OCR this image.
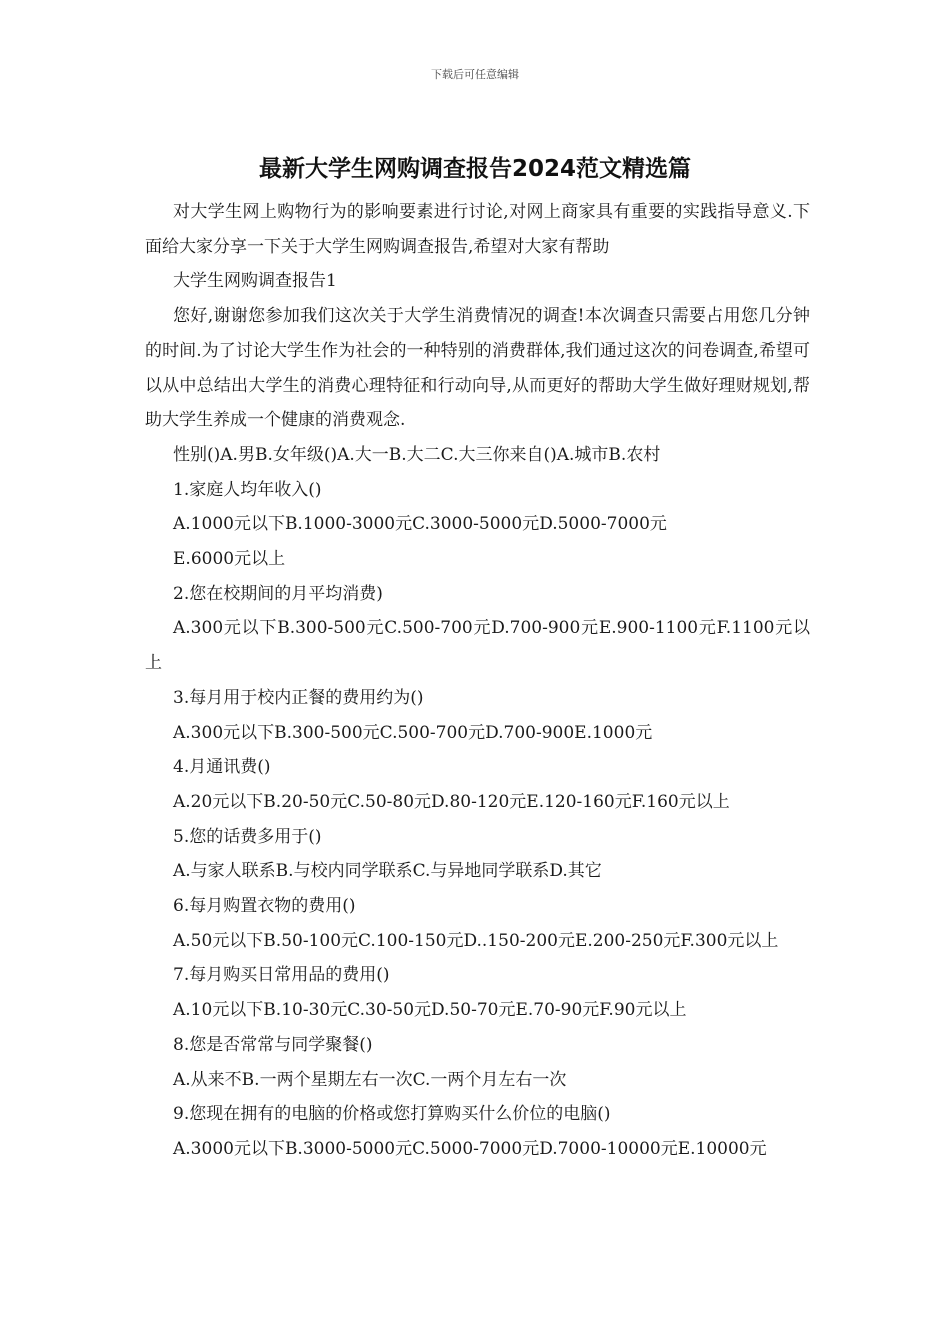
下载后可任意编辑
最新大学生网购调查报告2024范文精选篇

对大学生网上购物行为的影响要素进行讨论,对网上商家具有重要的实践指导意义.下面给大家分享一下关于大学生网购调查报告,希望对大家有帮助

大学生网购调查报告1

您好,谢谢您参加我们这次关于大学生消费情况的调查!本次调查只需要占用您几分钟的时间.为了讨论大学生作为社会的一种特别的消费群体,我们通过这次的问卷调查,希望可以从中总结出大学生的消费心理特征和行动向导,从而更好的帮助大学生做好理财规划,帮助大学生养成一个健康的消费观念.

性别()A.男B.女年级()A.大一B.大二C.大三你来自()A.城市B.农村

1.家庭人均年收入()

A.1000元以下B.1000-3000元C.3000-5000元D.5000-7000元

E.6000元以上

2.您在校期间的月平均消费)

A.300元以下B.300-500元C.500-700元D.700-900元E.900-1100元F.1100元以上

3.每月用于校内正餐的费用约为()

A.300元以下B.300-500元C.500-700元D.700-900E.1000元

4.月通讯费()

A.20元以下B.20-50元C.50-80元D.80-120元E.120-160元F.160元以上

5.您的话费多用于()

A.与家人联系B.与校内同学联系C.与异地同学联系D.其它

6.每月购置衣物的费用()

A.50元以下B.50-100元C.100-150元D..150-200元E.200-250元F.300元以上

7.每月购买日常用品的费用()

A.10元以下B.10-30元C.30-50元D.50-70元E.70-90元F.90元以上

8.您是否常常与同学聚餐()

A.从来不B.一两个星期左右一次C.一两个月左右一次

9.您现在拥有的电脑的价格或您打算购买什么价位的电脑()

A.3000元以下B.3000-5000元C.5000-7000元D.7000-10000元E.10000元
